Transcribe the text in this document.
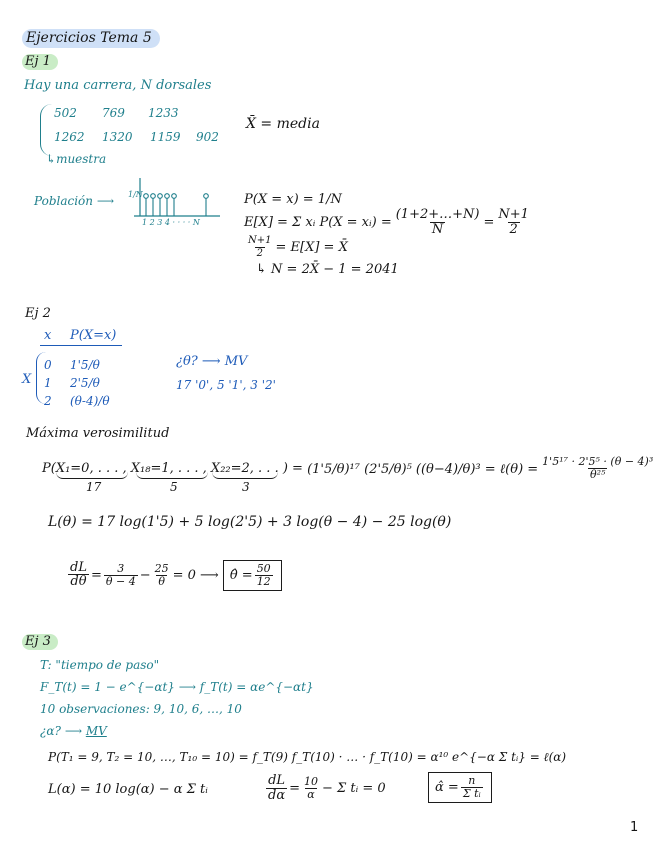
Ejercicios Tema 5
Ej 1
Hay una carrera, N dorsales
502 769 1233
1262 1320 1159 902
↳muestra
X̄ = media
Población ⟶ 1/N
1 2 3 4 · · · · N
P(X = x) = 1/N
E[X] = Σ xᵢ P(X = xᵢ) = $\frac{(1+2+\dots+N)}{N} = \frac{N+1}{2}$
$\frac{N+1}{2} = E[X]$ = X̄
↳ N = 2X̄ − 1 = 2041
Ej 2
x P(X=x)
X
0 1'5/θ
1 2'5/θ
2 (θ-4)/θ
¿θ? ⟶ MV
17 '0', 5 '1', 3 '2'
Máxima verosimilitud
P(X₁=0, . . . , X₁₈=1, . . . , X₂₂=2, . . . ) =
(1'5/θ)¹⁷ (2'5/θ)⁵ ((θ−4)/θ)³ = ℓ(θ) = $\frac{\text{1'5¹⁷ · 2'5⁵ · (θ − 4)³}}{\text{θ²⁵}}$
17	5	3
L(θ) = 17 log(1'5) + 5 log(2'5) + 3 log(θ − 4) − 25 log(θ)
$\frac{dL}{d\theta} = \frac{3}{\theta - 4} - \frac{25}{\theta} = 0$ ⟶ θ̂ = $\frac{50}{12}$
Ej 3
T: "tiempo de paso"
F_T(t) = 1 − e^{−αt} ⟶ f_T(t) = αe^{−αt}
10 observaciones: 9, 10, 6, …, 10
¿α? ⟶ MV
P(T₁ = 9, T₂ = 10, …, T₁₀ = 10) = f_T(9) f_T(10) · … · f_T(10) = α¹⁰ e^{−α Σ tᵢ} = ℓ(α)
L(α) = 10 log(α) − α Σ tᵢ	$\frac{dL}{d\alpha} = \frac{10}{\alpha} - \Sigma$ tᵢ = 0	α̂ = $\frac{n}{\text{Σ tᵢ}}$
1
